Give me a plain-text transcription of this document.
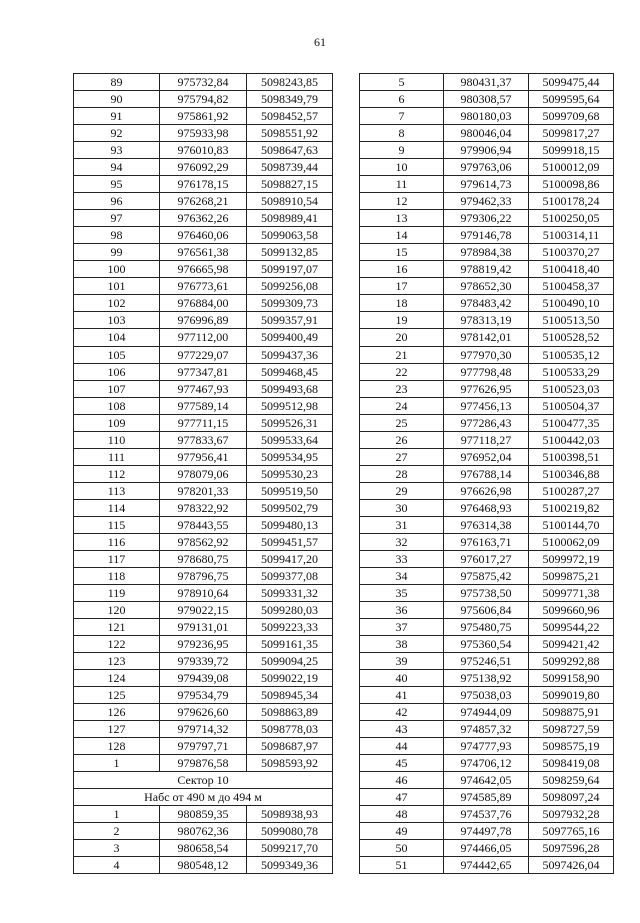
61
89	975732,84	5098243,85
90	975794,82	5098349,79
91	975861,92	5098452,57
92	975933,98	5098551,92
93	976010,83	5098647,63
94	976092,29	5098739,44
95	976178,15	5098827,15
96	976268,21	5098910,54
97	976362,26	5098989,41
98	976460,06	5099063,58
99	976561,38	5099132,85
100	976665,98	5099197,07
101	976773,61	5099256,08
102	976884,00	5099309,73
103	976996,89	5099357,91
104	977112,00	5099400,49
105	977229,07	5099437,36
106	977347,81	5099468,45
107	977467,93	5099493,68
108	977589,14	5099512,98
109	977711,15	5099526,31
110	977833,67	5099533,64
111	977956,41	5099534,95
112	978079,06	5099530,23
113	978201,33	5099519,50
114	978322,92	5099502,79
115	978443,55	5099480,13
116	978562,92	5099451,57
117	978680,75	5099417,20
118	978796,75	5099377,08
119	978910,64	5099331,32
120	979022,15	5099280,03
121	979131,01	5099223,33
122	979236,95	5099161,35
123	979339,72	5099094,25
124	979439,08	5099022,19
125	979534,79	5098945,34
126	979626,60	5098863,89
127	979714,32	5098778,03
128	979797,71	5098687,97
1	979876,58	5098593,92
Сектор 10		
Набс от 490 м до 494 м		
1	980859,35	5098938,93
2	980762,36	5099080,78
3	980658,54	5099217,70
4	980548,12	5099349,36
5	980431,37	5099475,44
6	980308,57	5099595,64
7	980180,03	5099709,68
8	980046,04	5099817,27
9	979906,94	5099918,15
10	979763,06	5100012,09
11	979614,73	5100098,86
12	979462,33	5100178,24
13	979306,22	5100250,05
14	979146,78	5100314,11
15	978984,38	5100370,27
16	978819,42	5100418,40
17	978652,30	5100458,37
18	978483,42	5100490,10
19	978313,19	5100513,50
20	978142,01	5100528,52
21	977970,30	5100535,12
22	977798,48	5100533,29
23	977626,95	5100523,03
24	977456,13	5100504,37
25	977286,43	5100477,35
26	977118,27	5100442,03
27	976952,04	5100398,51
28	976788,14	5100346,88
29	976626,98	5100287,27
30	976468,93	5100219,82
31	976314,38	5100144,70
32	976163,71	5100062,09
33	976017,27	5099972,19
34	975875,42	5099875,21
35	975738,50	5099771,38
36	975606,84	5099660,96
37	975480,75	5099544,22
38	975360,54	5099421,42
39	975246,51	5099292,88
40	975138,92	5099158,90
41	975038,03	5099019,80
42	974944,09	5098875,91
43	974857,32	5098727,59
44	974777,93	5098575,19
45	974706,12	5098419,08
46	974642,05	5098259,64
47	974585,89	5098097,24
48	974537,76	5097932,28
49	974497,78	5097765,16
50	974466,05	5097596,28
51	974442,65	5097426,04
